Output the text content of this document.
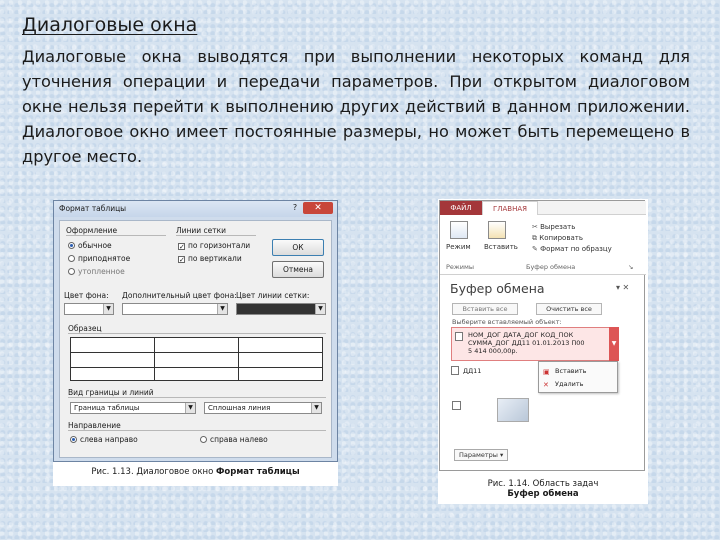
Диалоговые окна
Диалоговые окна выводятся при выполнении некоторых команд для уточнения операции и передачи параметров. При открытом диалоговом окне нельзя перейти к выполнению других действий в данном приложении. Диалоговое окно имеет постоянные размеры, но может быть перемещено в другое место.
Формат таблицы	?	✕
Оформление
обычное
приподнятое
утопленное
Линии сетки
✓ по горизонтали
✓ по вертикали
ОК
Отмена
Цвет фона: Дополнительный цвет фона: Цвет линии сетки:
▼	▼	▼
Образец
Вид границы и линий
Граница таблицы	▼	Сплошная линия	▼
Направление
слева направо	справа налево
Рис. 1.13. Диалоговое окно Формат таблицы
ФАЙЛ	ГЛАВНАЯ
Режим Вставить
✂ Вырезать
⧉ Копировать
✎ Формат по образцу
Режимы	Буфер обмена	↘
Буфер обмена	▾ ✕
Вставить все	Очистить все
Выберите вставляемый объект:
НОМ_ДОГ ДАТА_ДОГ КОД_ПОК
СУММА_ДОГ ДД11 01.01.2013 П00
5 414 000,00р.
▼
ДД11	▣ Вставить
✕ Удалить
Параметры ▾
Рис. 1.14. Область задач
Буфер обмена
